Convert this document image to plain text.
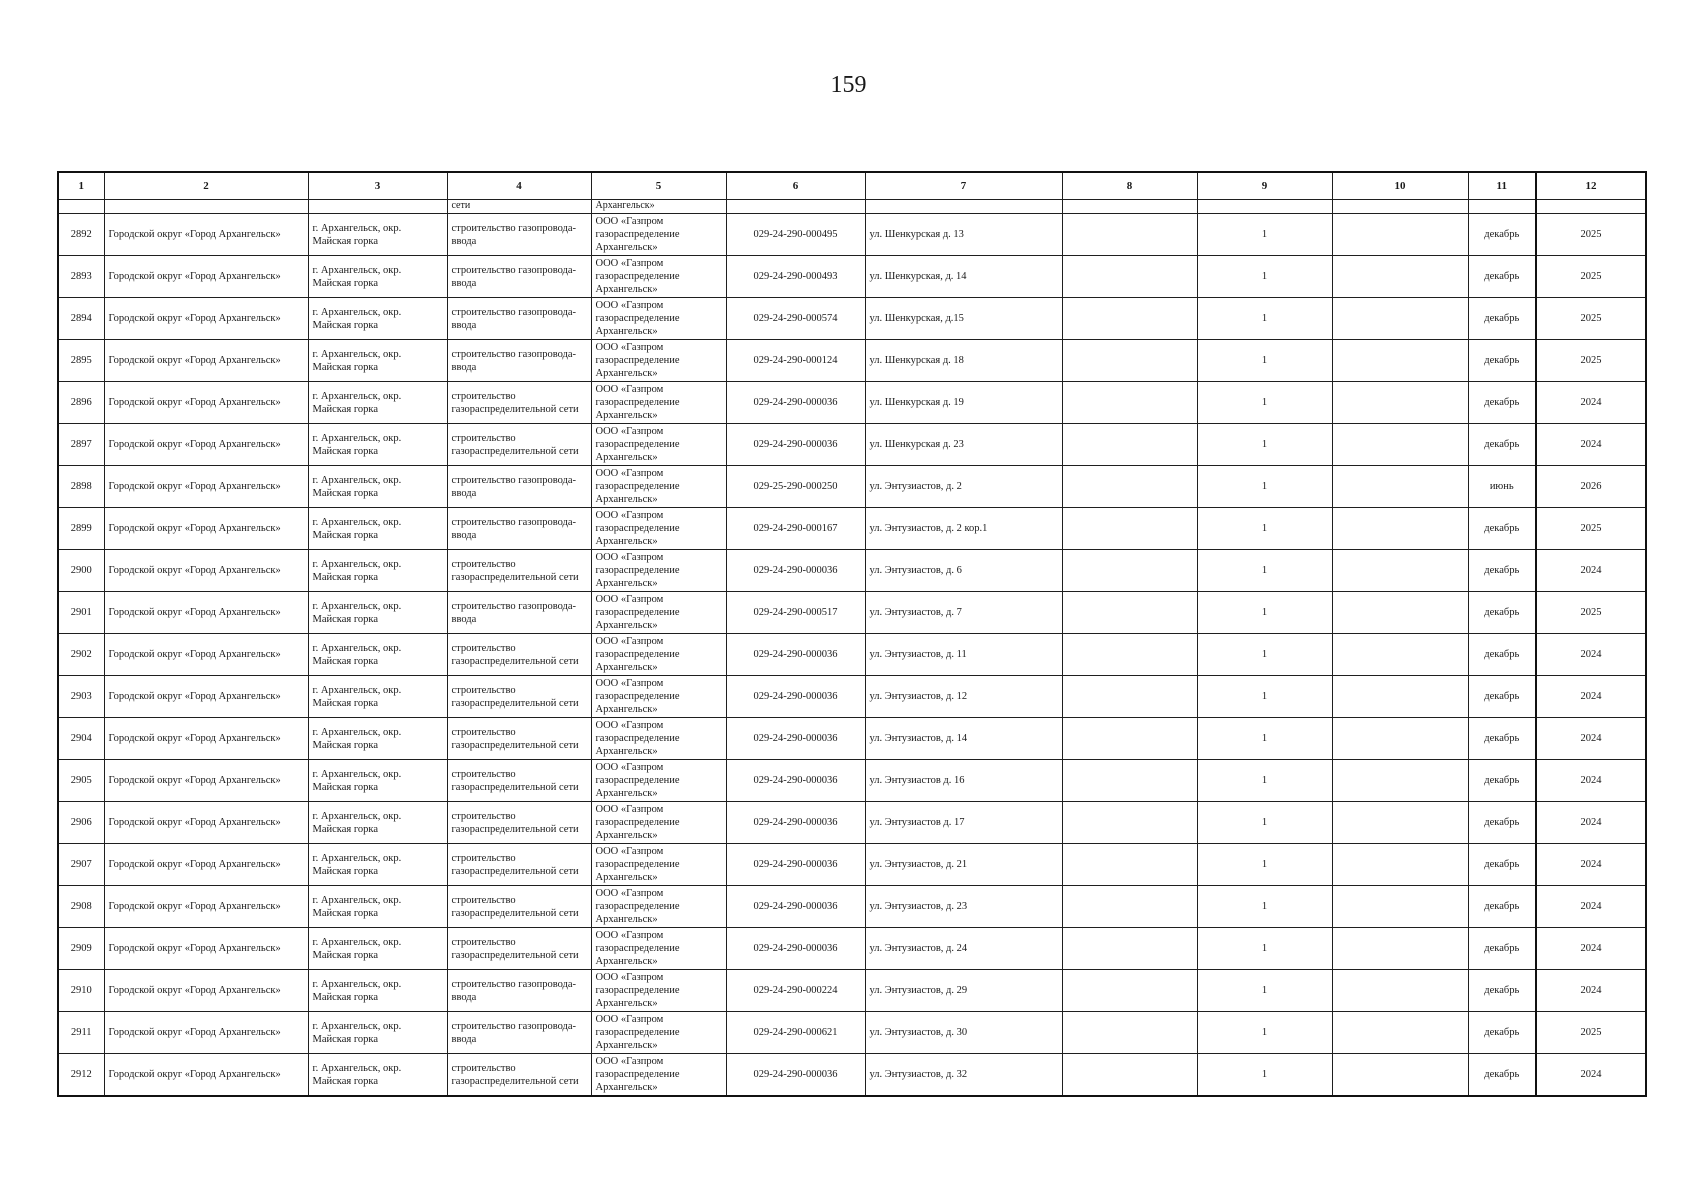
159
1	2	3	4	5	6	7	8	9	10	11	12
			сети	Архангельск»							
2892	Городской округ «Город Архангельск»	г. Архангельск, окр. Майская горка	строительство газопровода-ввода	ООО «Газпром газораспределение Архангельск»	029-24-290-000495	ул. Шенкурская д. 13		1		декабрь	2025
2893	Городской округ «Город Архангельск»	г. Архангельск, окр. Майская горка	строительство газопровода-ввода	ООО «Газпром газораспределение Архангельск»	029-24-290-000493	ул. Шенкурская, д. 14		1		декабрь	2025
2894	Городской округ «Город Архангельск»	г. Архангельск, окр. Майская горка	строительство газопровода-ввода	ООО «Газпром газораспределение Архангельск»	029-24-290-000574	ул. Шенкурская, д.15		1		декабрь	2025
2895	Городской округ «Город Архангельск»	г. Архангельск, окр. Майская горка	строительство газопровода-ввода	ООО «Газпром газораспределение Архангельск»	029-24-290-000124	ул. Шенкурская д. 18		1		декабрь	2025
2896	Городской округ «Город Архангельск»	г. Архангельск, окр. Майская горка	строительство газораспределительной сети	ООО «Газпром газораспределение Архангельск»	029-24-290-000036	ул. Шенкурская д. 19		1		декабрь	2024
2897	Городской округ «Город Архангельск»	г. Архангельск, окр. Майская горка	строительство газораспределительной сети	ООО «Газпром газораспределение Архангельск»	029-24-290-000036	ул. Шенкурская д. 23		1		декабрь	2024
2898	Городской округ «Город Архангельск»	г. Архангельск, окр. Майская горка	строительство газопровода-ввода	ООО «Газпром газораспределение Архангельск»	029-25-290-000250	ул. Энтузиастов, д. 2		1		июнь	2026
2899	Городской округ «Город Архангельск»	г. Архангельск, окр. Майская горка	строительство газопровода-ввода	ООО «Газпром газораспределение Архангельск»	029-24-290-000167	ул. Энтузиастов, д. 2 кор.1		1		декабрь	2025
2900	Городской округ «Город Архангельск»	г. Архангельск, окр. Майская горка	строительство газораспределительной сети	ООО «Газпром газораспределение Архангельск»	029-24-290-000036	ул. Энтузиастов, д. 6		1		декабрь	2024
2901	Городской округ «Город Архангельск»	г. Архангельск, окр. Майская горка	строительство газопровода-ввода	ООО «Газпром газораспределение Архангельск»	029-24-290-000517	ул. Энтузиастов, д. 7		1		декабрь	2025
2902	Городской округ «Город Архангельск»	г. Архангельск, окр. Майская горка	строительство газораспределительной сети	ООО «Газпром газораспределение Архангельск»	029-24-290-000036	ул. Энтузиастов, д. 11		1		декабрь	2024
2903	Городской округ «Город Архангельск»	г. Архангельск, окр. Майская горка	строительство газораспределительной сети	ООО «Газпром газораспределение Архангельск»	029-24-290-000036	ул. Энтузиастов, д. 12		1		декабрь	2024
2904	Городской округ «Город Архангельск»	г. Архангельск, окр. Майская горка	строительство газораспределительной сети	ООО «Газпром газораспределение Архангельск»	029-24-290-000036	ул. Энтузиастов, д. 14		1		декабрь	2024
2905	Городской округ «Город Архангельск»	г. Архангельск, окр. Майская горка	строительство газораспределительной сети	ООО «Газпром газораспределение Архангельск»	029-24-290-000036	ул. Энтузиастов д. 16		1		декабрь	2024
2906	Городской округ «Город Архангельск»	г. Архангельск, окр. Майская горка	строительство газораспределительной сети	ООО «Газпром газораспределение Архангельск»	029-24-290-000036	ул. Энтузиастов д. 17		1		декабрь	2024
2907	Городской округ «Город Архангельск»	г. Архангельск, окр. Майская горка	строительство газораспределительной сети	ООО «Газпром газораспределение Архангельск»	029-24-290-000036	ул. Энтузиастов, д. 21		1		декабрь	2024
2908	Городской округ «Город Архангельск»	г. Архангельск, окр. Майская горка	строительство газораспределительной сети	ООО «Газпром газораспределение Архангельск»	029-24-290-000036	ул. Энтузиастов, д. 23		1		декабрь	2024
2909	Городской округ «Город Архангельск»	г. Архангельск, окр. Майская горка	строительство газораспределительной сети	ООО «Газпром газораспределение Архангельск»	029-24-290-000036	ул. Энтузиастов, д. 24		1		декабрь	2024
2910	Городской округ «Город Архангельск»	г. Архангельск, окр. Майская горка	строительство газопровода-ввода	ООО «Газпром газораспределение Архангельск»	029-24-290-000224	ул. Энтузиастов, д. 29		1		декабрь	2024
2911	Городской округ «Город Архангельск»	г. Архангельск, окр. Майская горка	строительство газопровода-ввода	ООО «Газпром газораспределение Архангельск»	029-24-290-000621	ул. Энтузиастов, д. 30		1		декабрь	2025
2912	Городской округ «Город Архангельск»	г. Архангельск, окр. Майская горка	строительство газораспределительной сети	ООО «Газпром газораспределение Архангельск»	029-24-290-000036	ул. Энтузиастов, д. 32		1		декабрь	2024
